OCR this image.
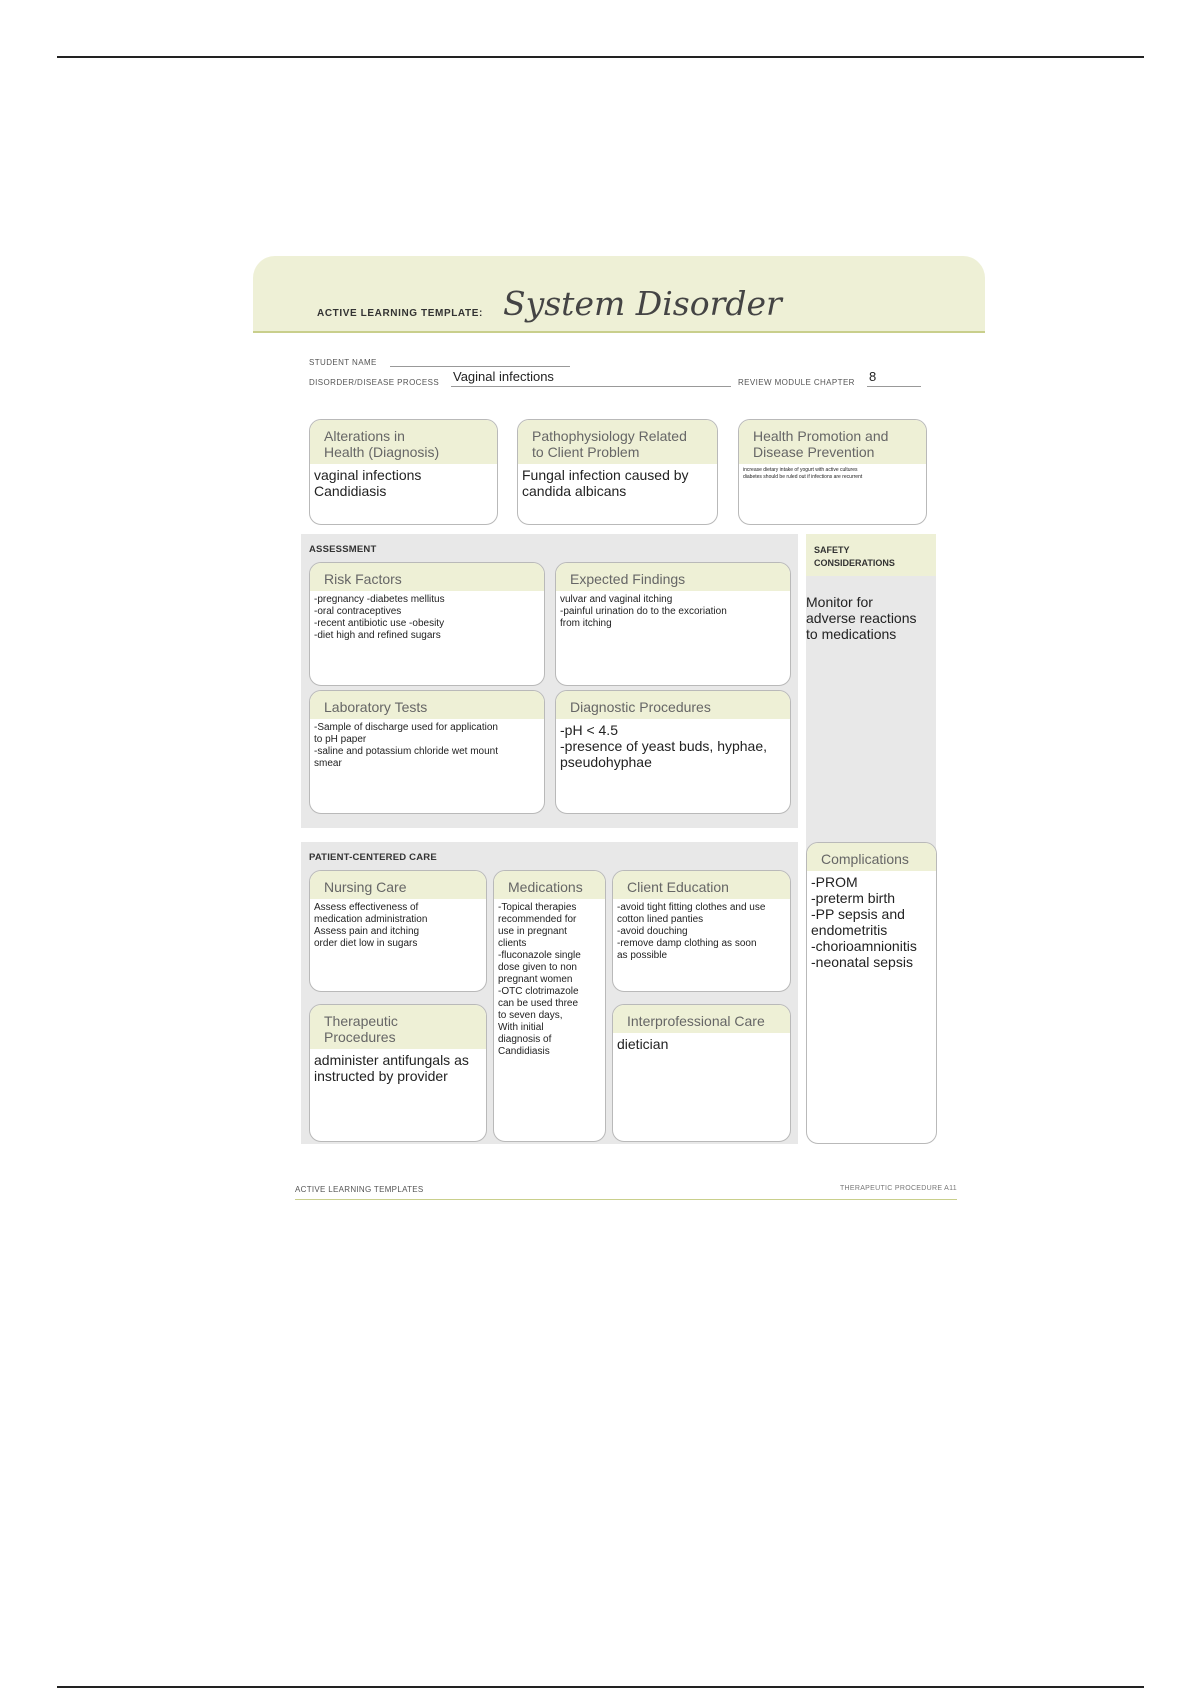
ACTIVE LEARNING TEMPLATE: System Disorder
STUDENT NAME
DISORDER/DISEASE PROCESS Vaginal infections	REVIEW MODULE CHAPTER 8
Alterations in
Health (Diagnosis)
vaginal infections
Candidiasis
Pathophysiology Related
to Client Problem
Fungal infection caused by
candida albicans
Health Promotion and
Disease Prevention
increase dietary intake of yogurt with active cultures
diabetes should be ruled out if infections are recurrent
ASSESSMENT
Risk Factors
-pregnancy -diabetes mellitus
-oral contraceptives
-recent antibiotic use -obesity
-diet high and refined sugars
Expected Findings
vulvar and vaginal itching
-painful urination do to the excoriation
from itching
Laboratory Tests
-Sample of discharge used for application
to pH paper
-saline and potassium chloride wet mount
smear
Diagnostic Procedures
-pH < 4.5
-presence of yeast buds, hyphae,
pseudohyphae
SAFETY
CONSIDERATIONS
Monitor for
adverse reactions
to medications
PATIENT-CENTERED CARE
Nursing Care
Assess effectiveness of
medication administration
Assess pain and itching
order diet low in sugars
Medications
-Topical therapies
recommended for
use in pregnant
clients
-fluconazole single
dose given to non
pregnant women
-OTC clotrimazole
can be used three
to seven days,
With initial
diagnosis of
Candidiasis
Client Education
-avoid tight fitting clothes and use
cotton lined panties
-avoid douching
-remove damp clothing as soon
as possible
Therapeutic Procedures
administer antifungals as
instructed by provider
Interprofessional Care
dietician
Complications
-PROM
-preterm birth
-PP sepsis and
endometritis
-chorioamnionitis
-neonatal sepsis
ACTIVE LEARNING TEMPLATES	THERAPEUTIC PROCEDURE A11
